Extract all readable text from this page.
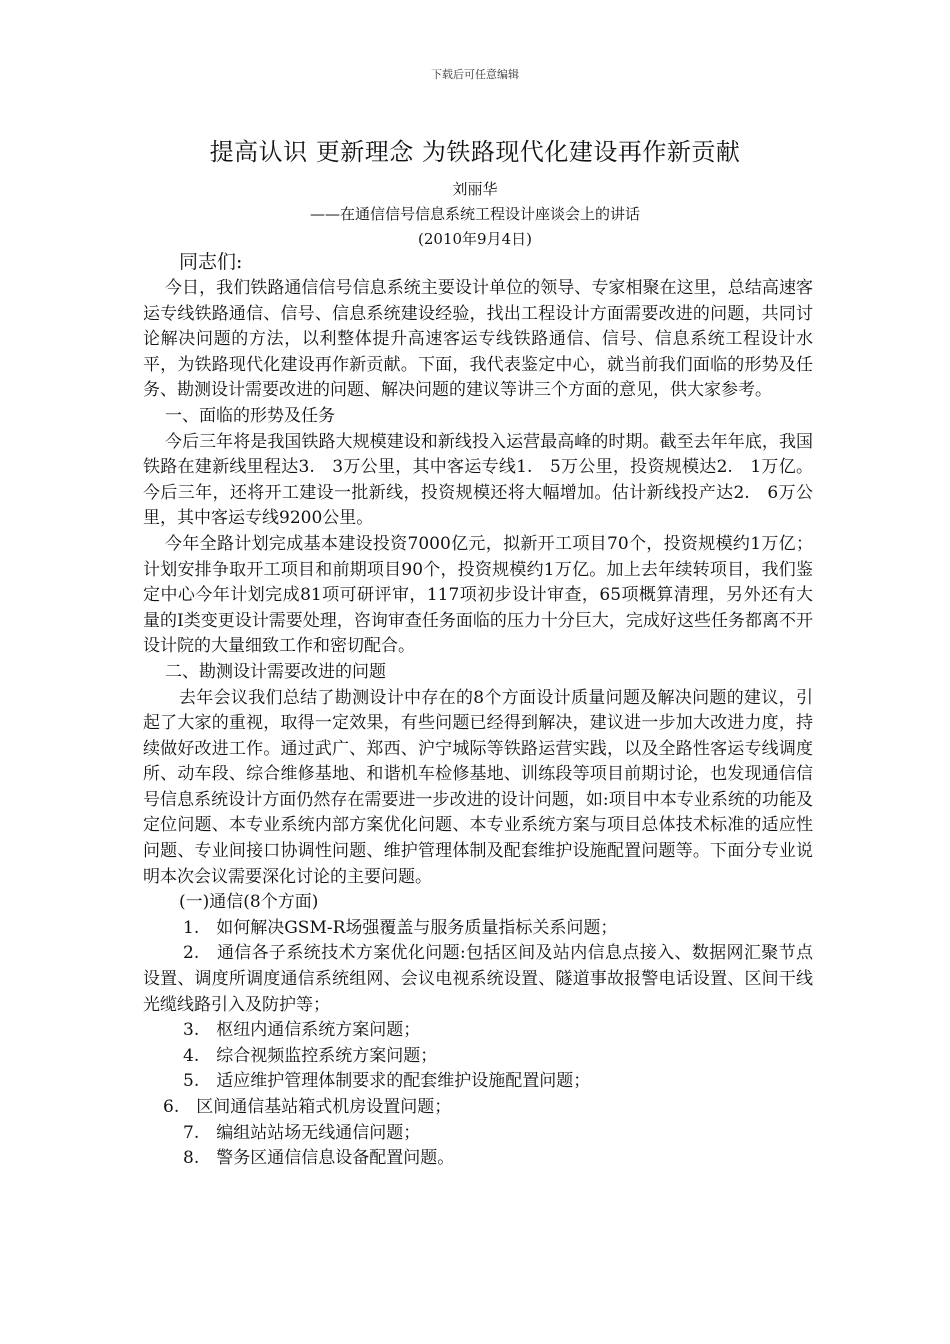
下载后可任意编辑
提高认识 更新理念 为铁路现代化建设再作新贡献
刘丽华
——在通信信号信息系统工程设计座谈会上的讲话
(2010年9月4日)

同志们:

今日，我们铁路通信信号信息系统主要设计单位的领导、专家相聚在这里，总结高速客运专线铁路通信、信号、信息系统建设经验，找出工程设计方面需要改进的问题，共同讨论解决问题的方法，以利整体提升高速客运专线铁路通信、信号、信息系统工程设计水平，为铁路现代化建设再作新贡献。下面，我代表鉴定中心，就当前我们面临的形势及任务、勘测设计需要改进的问题、解决问题的建议等讲三个方面的意见，供大家参考。

一、面临的形势及任务

今后三年将是我国铁路大规模建设和新线投入运营最高峰的时期。截至去年年底，我国铁路在建新线里程达3.　3万公里，其中客运专线1.　5万公里，投资规模达2.　1万亿。今后三年，还将开工建设一批新线，投资规模还将大幅增加。估计新线投产达2.　6万公里，其中客运专线9200公里。

今年全路计划完成基本建设投资7000亿元，拟新开工项目70个，投资规模约1万亿；计划安排争取开工项目和前期项目90个，投资规模约1万亿。加上去年续转项目，我们鉴定中心今年计划完成81项可研评审，117项初步设计审查，65项概算清理，另外还有大量的I类变更设计需要处理，咨询审查任务面临的压力十分巨大，完成好这些任务都离不开设计院的大量细致工作和密切配合。

二、勘测设计需要改进的问题

去年会议我们总结了勘测设计中存在的8个方面设计质量问题及解决问题的建议，引起了大家的重视，取得一定效果，有些问题已经得到解决，建议进一步加大改进力度，持续做好改进工作。通过武广、郑西、沪宁城际等铁路运营实践，以及全路性客运专线调度所、动车段、综合维修基地、和谐机车检修基地、训练段等项目前期讨论，也发现通信信号信息系统设计方面仍然存在需要进一步改进的设计问题，如:项目中本专业系统的功能及定位问题、本专业系统内部方案优化问题、本专业系统方案与项目总体技术标准的适应性问题、专业间接口协调性问题、维护管理体制及配套维护设施配置问题等。下面分专业说明本次会议需要深化讨论的主要问题。

(一)通信(8个方面)

1.　如何解决GSM-R场强覆盖与服务质量指标关系问题；

2.　通信各子系统技术方案优化问题:包括区间及站内信息点接入、数据网汇聚节点设置、调度所调度通信系统组网、会议电视系统设置、隧道事故报警电话设置、区间干线光缆线路引入及防护等；

3.　枢纽内通信系统方案问题；

4.　综合视频监控系统方案问题；

5.　适应维护管理体制要求的配套维护设施配置问题；

6.　区间通信基站箱式机房设置问题；

7.　编组站站场无线通信问题；

8.　警务区通信信息设备配置问题。
